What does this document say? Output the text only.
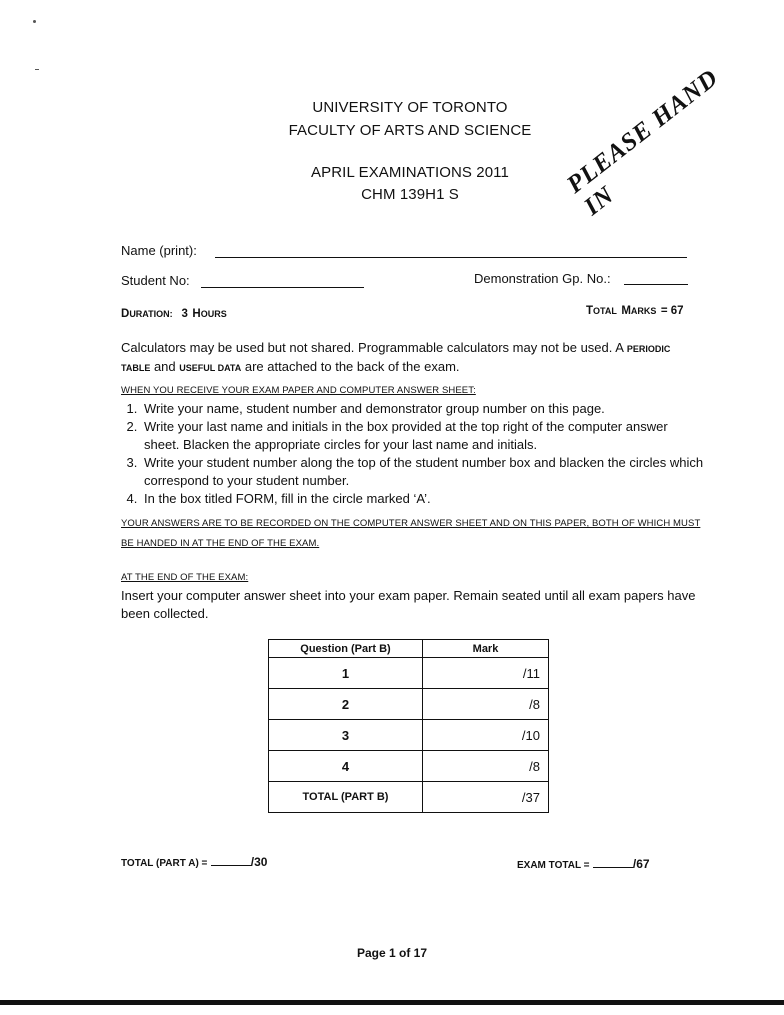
UNIVERSITY OF TORONTO
FACULTY OF ARTS AND SCIENCE
APRIL EXAMINATIONS 2011
CHM 139H1 S	PLEASE HAND IN
Name (print):
Student No:	Demonstration Gp. No.:
DURATION: 3 HOURS	TOTAL MARKS = 67
Calculators may be used but not shared. Programmable calculators may not be used. A PERIODIC
TABLE and USEFUL DATA are attached to the back of the exam.
WHEN YOU RECEIVE YOUR EXAM PAPER AND COMPUTER ANSWER SHEET:
1. Write your name, student number and demonstrator group number on this page.
2. Write your last name and initials in the box provided at the top right of the computer answer sheet. Blacken the appropriate circles for your last name and initials.
3. Write your student number along the top of the student number box and blacken the circles which correspond to your student number.
4. In the box titled FORM, fill in the circle marked ‘A’.
YOUR ANSWERS ARE TO BE RECORDED ON THE COMPUTER ANSWER SHEET AND ON THIS PAPER, BOTH OF WHICH MUST
BE HANDED IN AT THE END OF THE EXAM.
AT THE END OF THE EXAM:
Insert your computer answer sheet into your exam paper. Remain seated until all exam papers have been collected.
Question (Part B)	Mark
1	/11
2	/8
3	/10
4	/8
TOTAL (PART B)	/37
TOTAL (PART A) =	/30	EXAM TOTAL =	/67
Page 1 of 17
